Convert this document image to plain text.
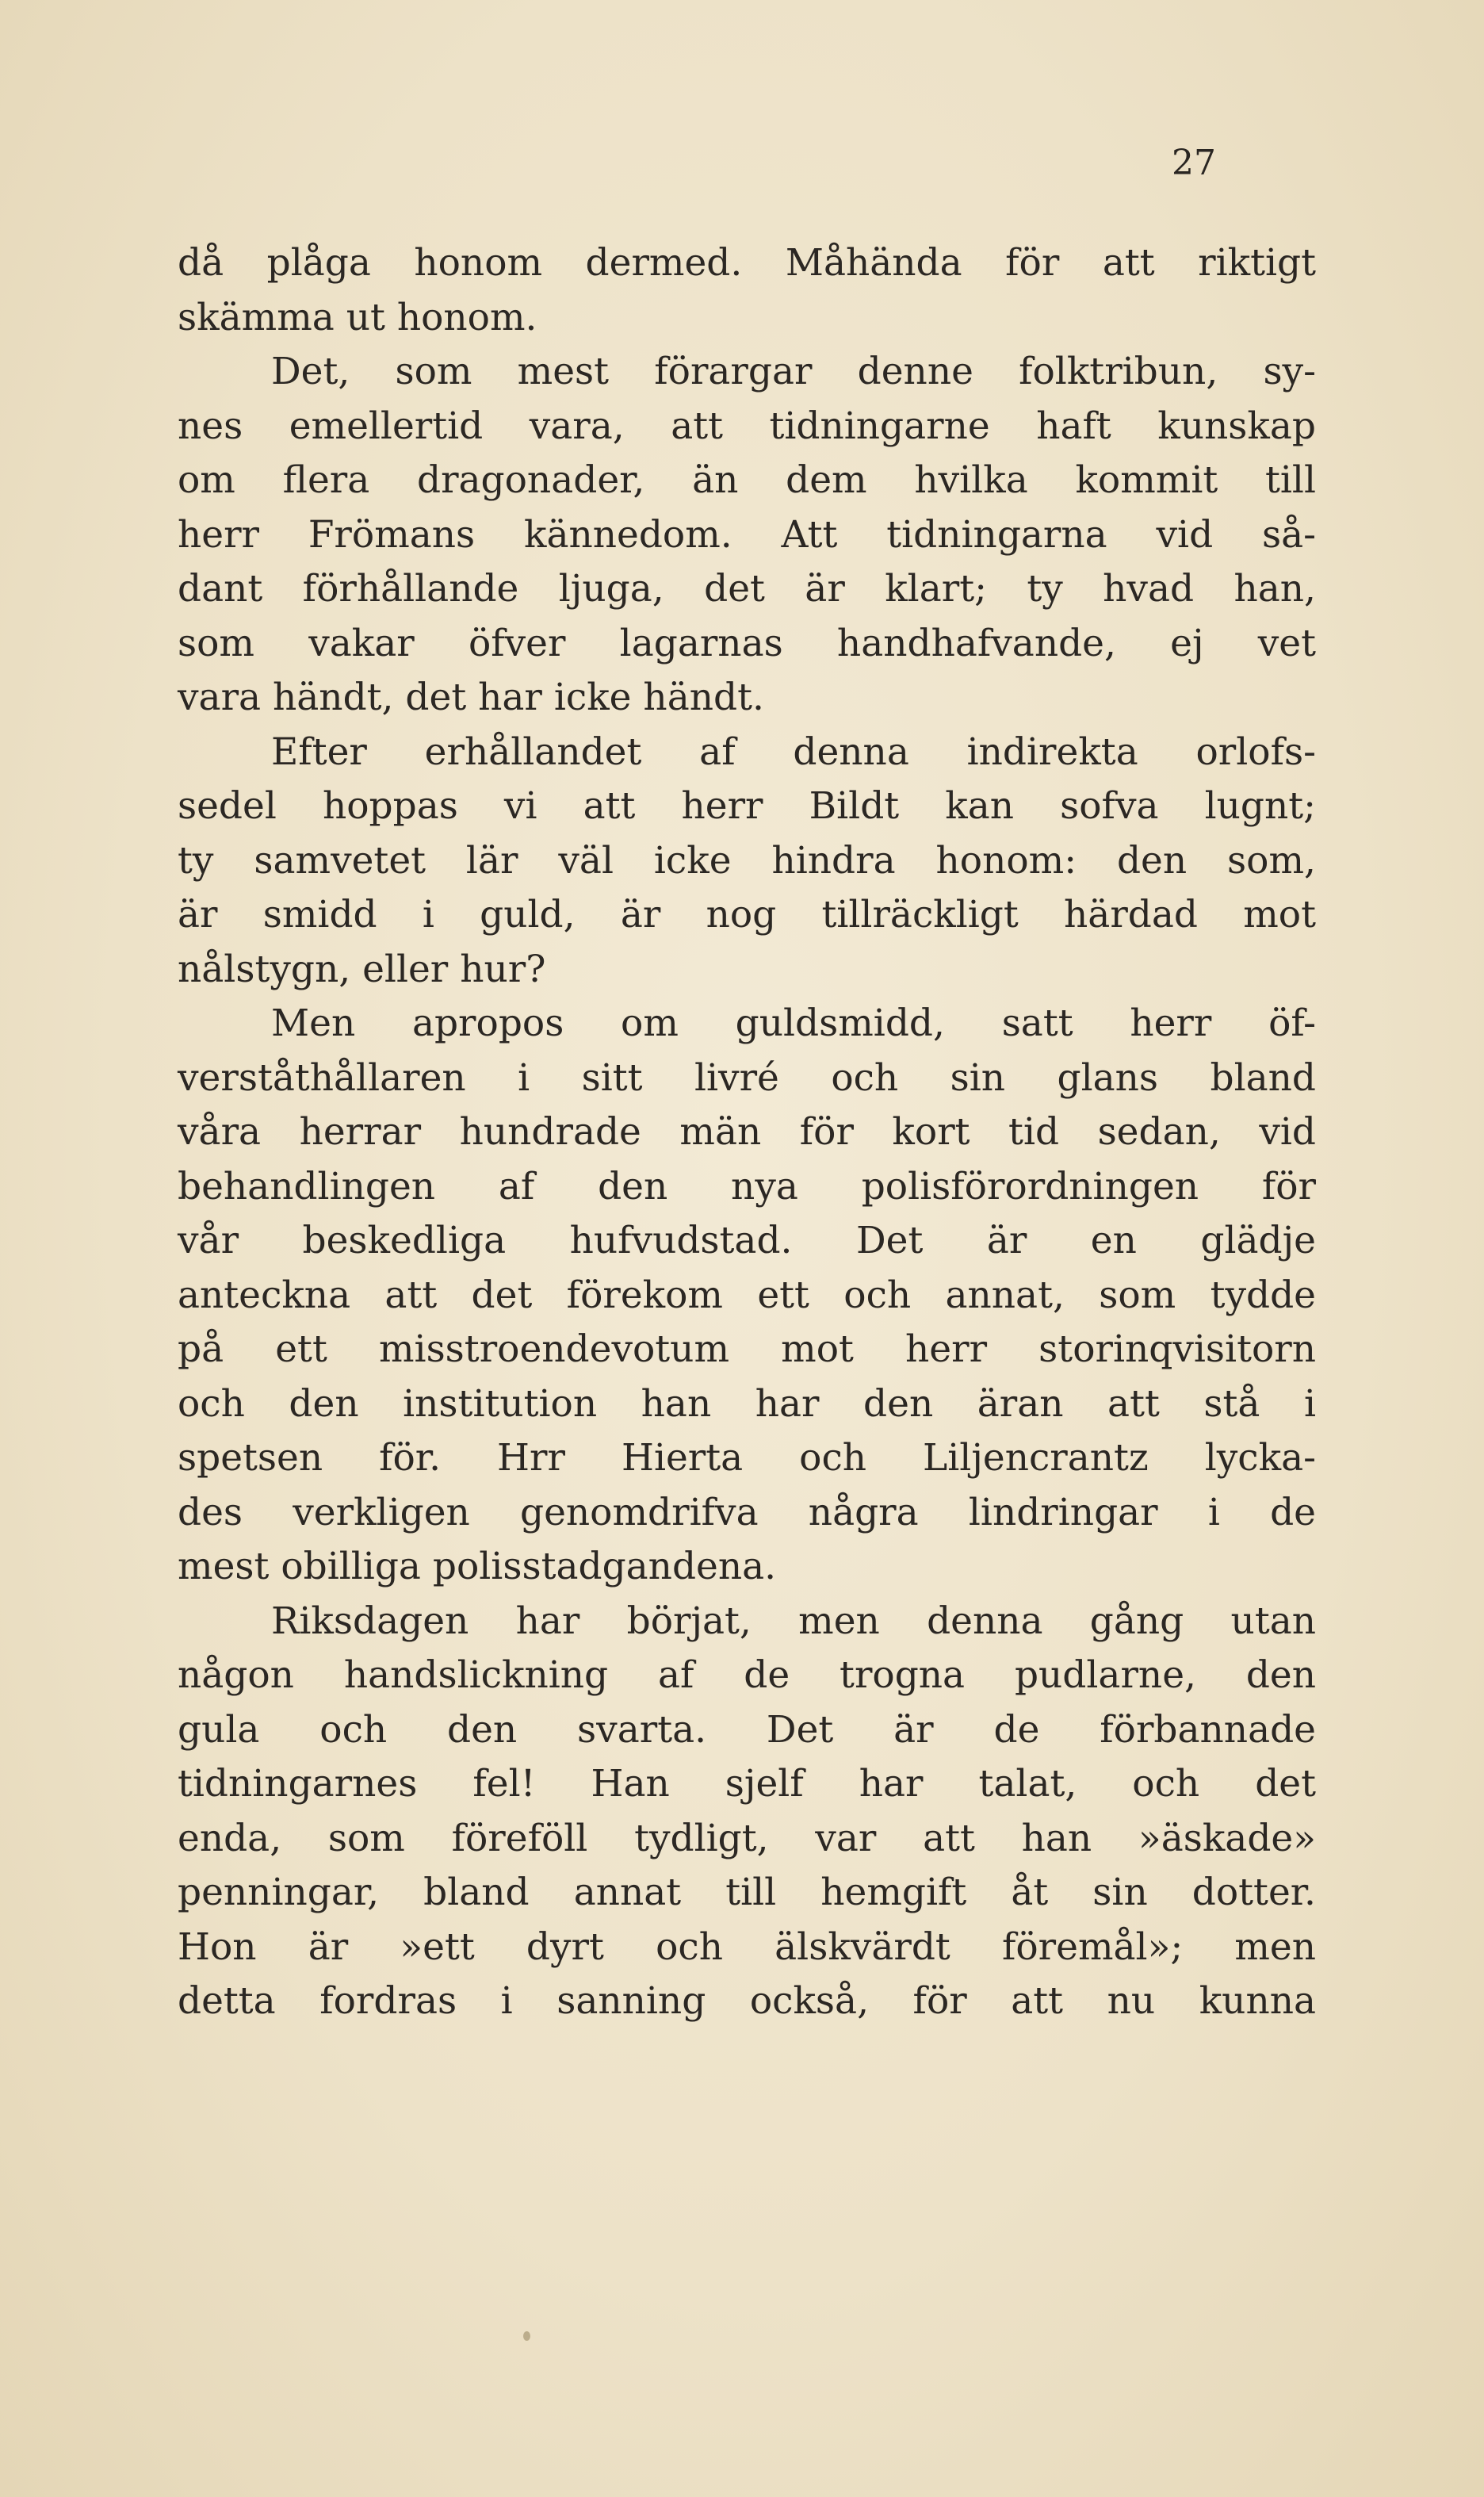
27
då plåga honom dermed. Måhända för att riktigt
skämma ut honom.
Det, som mest förargar denne folktribun, sy-
nes emellertid vara, att tidningarne haft kunskap
om flera dragonader, än dem hvilka kommit till
herr Frömans kännedom. Att tidningarna vid så-
dant förhållande ljuga, det är klart; ty hvad han,
som vakar öfver lagarnas handhafvande, ej vet
vara händt, det har icke händt.
Efter erhållandet af denna indirekta orlofs-
sedel hoppas vi att herr Bildt kan sofva lugnt;
ty samvetet lär väl icke hindra honom: den som,
är smidd i guld, är nog tillräckligt härdad mot
nålstygn, eller hur?
Men apropos om guldsmidd, satt herr öf-
verståthållaren i sitt livré och sin glans bland
våra herrar hundrade män för kort tid sedan, vid
behandlingen af den nya polisförordningen för
vår beskedliga hufvudstad. Det är en glädje
anteckna att det förekom ett och annat, som tydde
på ett misstroendevotum mot herr storinqvisitorn
och den institution han har den äran att stå i
spetsen för. Hrr Hierta och Liljencrantz lycka-
des verkligen genomdrifva några lindringar i de
mest obilliga polisstadgandena.
Riksdagen har börjat, men denna gång utan
någon handslickning af de trogna pudlarne, den
gula och den svarta. Det är de förbannade
tidningarnes fel! Han sjelf har talat, och det
enda, som föreföll tydligt, var att han »äskade»
penningar, bland annat till hemgift åt sin dotter.
Hon är »ett dyrt och älskvärdt föremål»; men
detta fordras i sanning också, för att nu kunna
